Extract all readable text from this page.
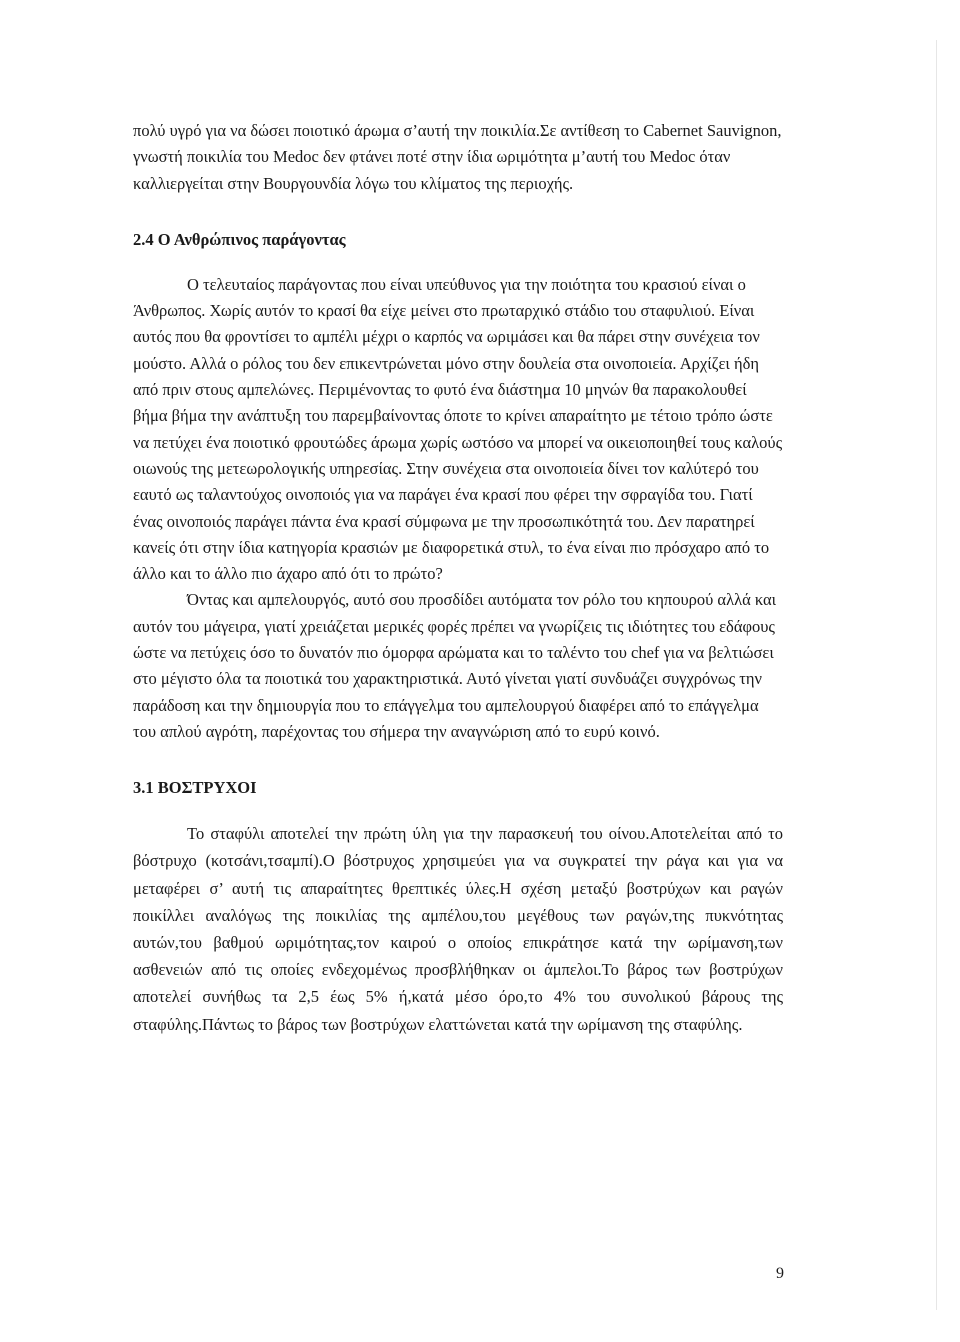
πολύ υγρό για να δώσει ποιοτικό άρωμα σ’αυτή την ποικιλία.Σε αντίθεση το Cabernet Sauvignon, γνωστή ποικιλία του Medoc δεν φτάνει ποτέ στην ίδια ωριμότητα μ’αυτή του Medoc όταν καλλιεργείται στην Βουργουνδία λόγω του κλίματος της περιοχής.

2.4 Ο Ανθρώπινος παράγοντας

Ο τελευταίος παράγοντας που είναι υπεύθυνος για την ποιότητα του κρασιού είναι ο Άνθρωπος. Χωρίς αυτόν το κρασί θα είχε μείνει στο πρωταρχικό στάδιο του σταφυλιού. Είναι αυτός που θα φροντίσει το αμπέλι μέχρι ο καρπός να ωριμάσει και θα πάρει στην συνέχεια τον μούστο. Αλλά ο ρόλος του δεν επικεντρώνεται μόνο στην δουλεία στα οινοποιεία. Αρχίζει ήδη από πριν στους αμπελώνες. Περιμένοντας το φυτό ένα διάστημα 10 μηνών θα παρακολουθεί βήμα βήμα την ανάπτυξη του παρεμβαίνοντας όποτε το κρίνει απαραίτητο με τέτοιο τρόπο ώστε να πετύχει ένα ποιοτικό φρουτώδες άρωμα χωρίς ωστόσο να μπορεί να οικειοποιηθεί τους καλούς οιωνούς της μετεωρολογικής υπηρεσίας. Στην συνέχεια στα οινοποιεία δίνει τον καλύτερό του εαυτό ως ταλαντούχος οινοποιός για να παράγει ένα κρασί που φέρει την σφραγίδα του. Γιατί ένας οινοποιός παράγει πάντα ένα κρασί σύμφωνα με την προσωπικότητά του. Δεν παρατηρεί κανείς ότι στην ίδια κατηγορία κρασιών με διαφορετικά στυλ, το ένα είναι πιο πρόσχαρο από το άλλο και το άλλο πιο άχαρο από ότι το πρώτο?

Όντας και αμπελουργός, αυτό σου προσδίδει αυτόματα τον ρόλο του κηπουρού αλλά και αυτόν του μάγειρα, γιατί χρειάζεται μερικές φορές πρέπει να γνωρίζεις τις ιδιότητες του εδάφους ώστε να πετύχεις όσο το δυνατόν πιο όμορφα αρώματα και το ταλέντο του chef για να βελτιώσει στο μέγιστο όλα τα ποιοτικά του χαρακτηριστικά. Αυτό γίνεται γιατί συνδυάζει συγχρόνως την παράδοση και την δημιουργία που το επάγγελμα του αμπελουργού διαφέρει από το επάγγελμα του απλού αγρότη, παρέχοντας του σήμερα την αναγνώριση από το ευρύ κοινό.

3.1 ΒΟΣΤΡΥΧΟΙ

Το σταφύλι αποτελεί την πρώτη ύλη για την παρασκευή του οίνου.Αποτελείται από το βόστρυχο (κοτσάνι,τσαμπί).Ο βόστρυχος χρησιμεύει για να συγκρατεί την ράγα και για να μεταφέρει σ’ αυτή τις απαραίτητες θρεπτικές ύλες.Η σχέση μεταξύ βοστρύχων και ραγών ποικίλλει αναλόγως της ποικιλίας της αμπέλου,του μεγέθους των ραγών,της πυκνότητας αυτών,του βαθμού ωριμότητας,τον καιρού ο οποίος επικράτησε κατά την ωρίμανση,των ασθενειών από τις οποίες ενδεχομένως προσβλήθηκαν οι άμπελοι.Το βάρος των βοστρύχων αποτελεί συνήθως τα 2,5 έως 5% ή,κατά μέσο όρο,το 4% του συνολικού βάρους της σταφύλης.Πάντως το βάρος των βοστρύχων ελαττώνεται κατά την ωρίμανση της σταφύλης.

9
